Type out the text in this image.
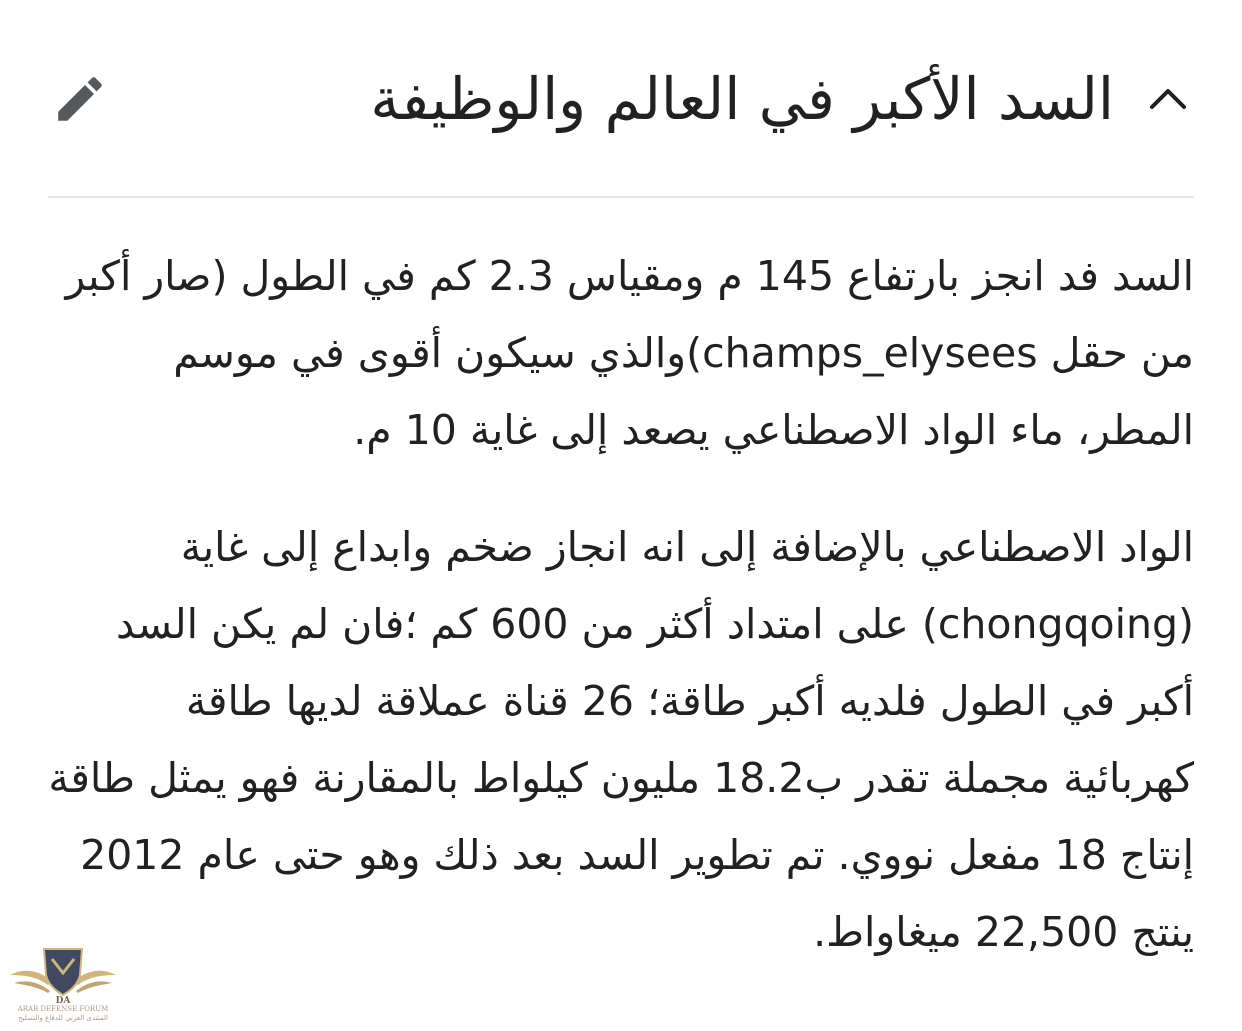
السد الأكبر في العالم والوظيفة

السد فد انجز بارتفاع 145 م ومقياس 2.3 كم في الطول (صار أكبر من حقل champs_elysees)والذي سيكون أقوى في موسم المطر، ماء الواد الاصطناعي يصعد إلى غاية 10 م.

الواد الاصطناعي بالإضافة إلى انه انجاز ضخم وابداع إلى غاية (chongqoing) على امتداد أكثر من 600 كم ؛فان لم يكن السد أكبر في الطول فلديه أكبر طاقة؛ 26 قناة عملاقة لديها طاقة كهربائية مجملة تقدر ب18.2 مليون كيلواط بالمقارنة فهو يمثل طاقة إنتاج 18 مفعل نووي. تم تطوير السد بعد ذلك وهو حتى عام 2012 ينتج 22,500 ميغاواط.

DA
ARAB DEFENSE FORUM
المنتدى العربي للدفاع والتسليح
